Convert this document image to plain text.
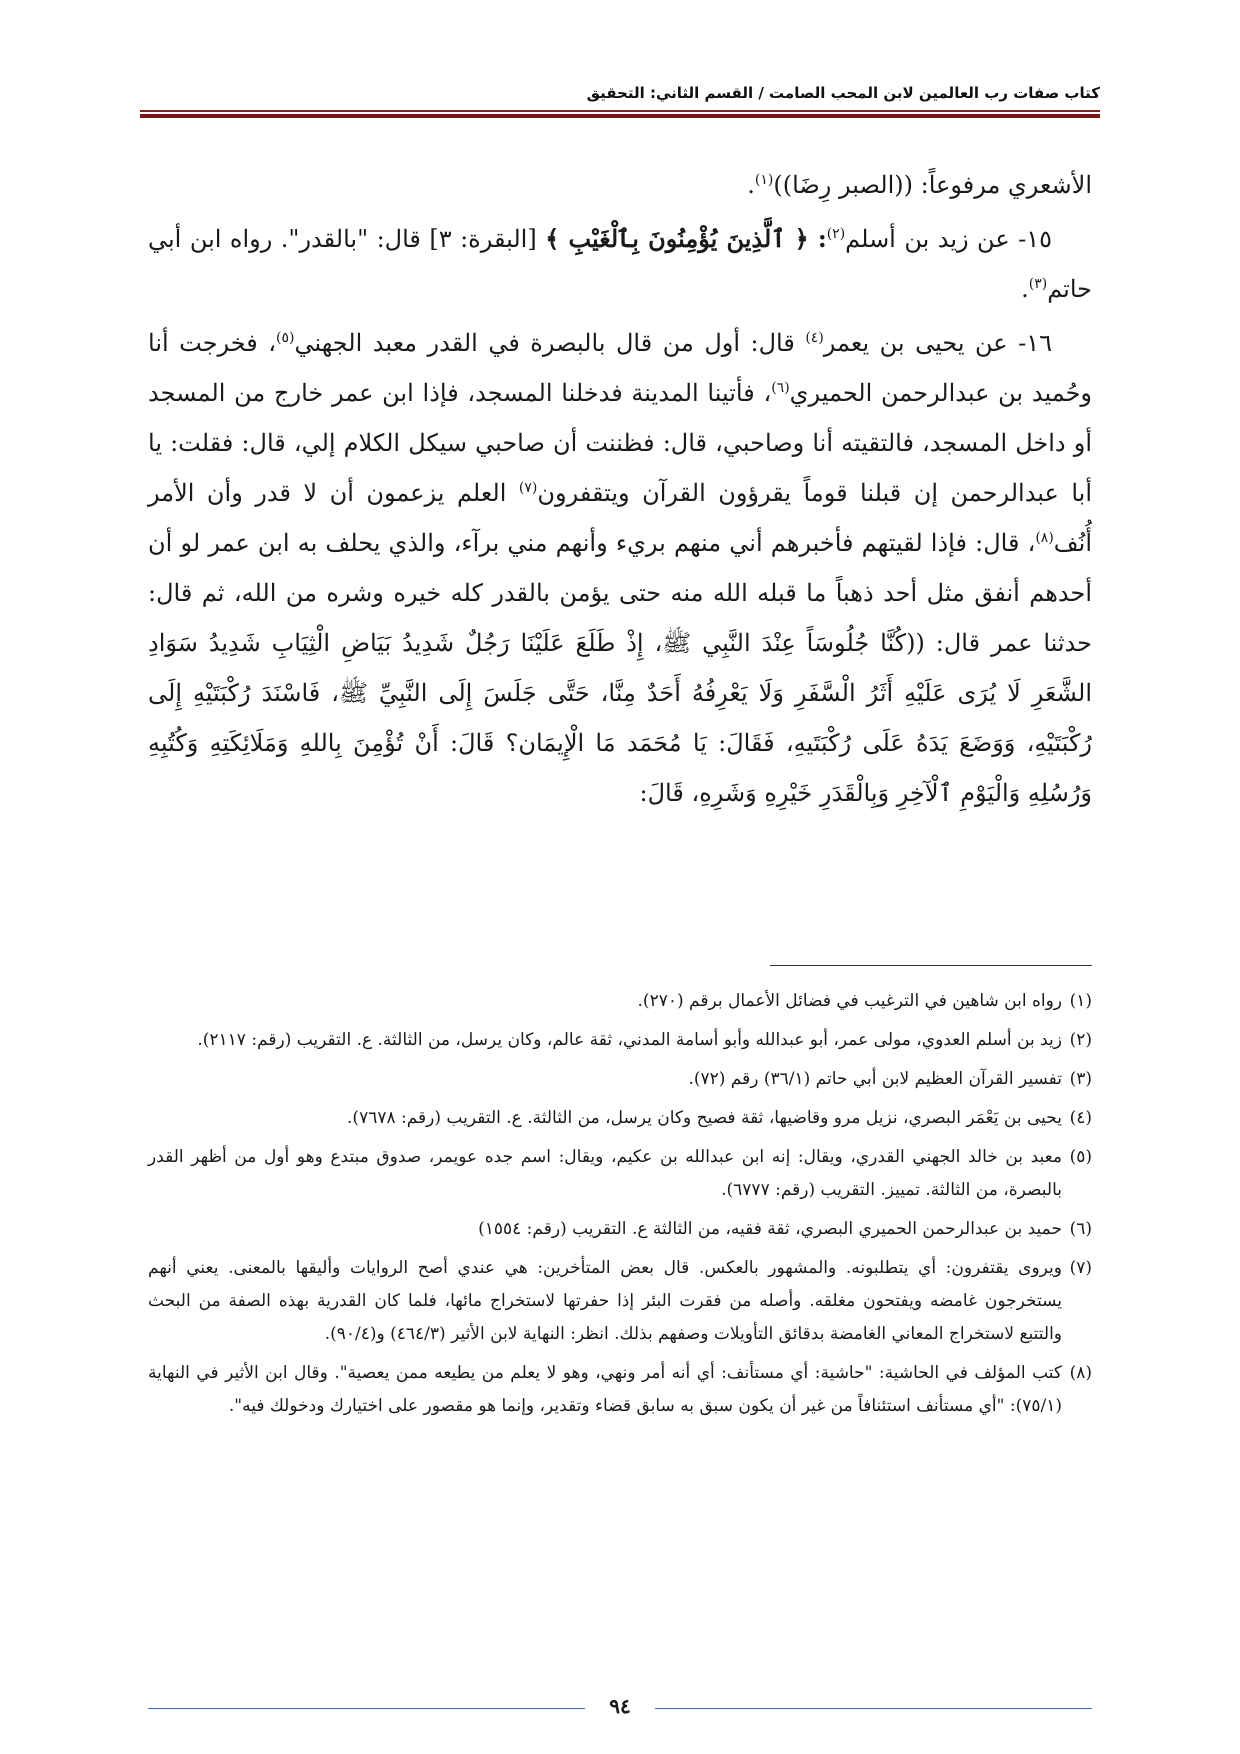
كتاب صفات رب العالمين لابن المحب الصامت / القسم الثاني: التحقيق

الأشعري مرفوعاً: ((الصبر رِضَا))$^{(١)}$.

١٥- عن زيد بن أسلم$^{(٢)}$: ﴿ ٱلَّذِينَ يُؤْمِنُونَ بِٱلْغَيْبِ ﴾ [البقرة: ٣] قال: "بالقدر". رواه ابن أبي حاتم$^{(٣)}$.

١٦- عن يحيى بن يعمر$^{(٤)}$ قال: أول من قال بالبصرة في القدر معبد الجهني$^{(٥)}$، فخرجت أنا وحُميد بن عبدالرحمن الحميري$^{(٦)}$، فأتينا المدينة فدخلنا المسجد، فإذا ابن عمر خارج من المسجد أو داخل المسجد، فالتقيته أنا وصاحبي، قال: فظننت أن صاحبي سيكل الكلام إلي، قال: فقلت: يا أبا عبدالرحمن إن قبلنا قوماً يقرؤون القرآن ويتقفرون$^{(٧)}$ العلم يزعمون أن لا قدر وأن الأمر أُنُف$^{(٨)}$، قال: فإذا لقيتهم فأخبرهم أني منهم بريء وأنهم مني برآء، والذي يحلف به ابن عمر لو أن أحدهم أنفق مثل أحد ذهباً ما قبله الله منه حتى يؤمن بالقدر كله خيره وشره من الله، ثم قال: حدثنا عمر قال: ((كُنَّا جُلُوسَاً عِنْدَ النَّبِي ﷺ، إِذْ طَلَعَ عَلَيْنَا رَجُلٌ شَدِيدُ بَيَاضِ الْثِيَابِ شَدِيدُ سَوَادِ الشَّعَرِ لَا يُرَى عَلَيْهِ أَثَرُ الْسَّفَرِ وَلَا يَعْرِفُهُ أَحَدٌ مِنَّا، حَتَّى جَلَسَ إِلَى النَّبِيِّ ﷺ، فَاسْنَدَ رُكْبَتَيْهِ إِلَى رُكْبَتَيْهِ، وَوَضَعَ يَدَهُ عَلَى رُكْبَتَيهِ، فَقَالَ: يَا مُحَمَد مَا الْإِيمَان؟ قَالَ: أَنْ تُؤْمِنَ بِاللهِ وَمَلَائِكَتِهِ وَكُتُبِهِ وَرُسُلِهِ وَالْيَوْمِ ٱلْآخِرِ وَبِالْقَدَرِ خَيْرِهِ وَشَرِهِ، قَالَ:

(١)
رواه ابن شاهين في الترغيب في فضائل الأعمال برقم (٢٧٠).
(٢)
زيد بن أسلم العدوي، مولى عمر، أبو عبدالله وأبو أسامة المدني، ثقة عالم، وكان يرسل، من الثالثة. ع. التقريب (رقم: ٢١١٧).
(٣)
تفسير القرآن العظيم لابن أبي حاتم (٣٦/١) رقم (٧٢).
(٤)
يحيى بن يَعْمَر البصري، نزيل مرو وقاضيها، ثقة فصيح وكان يرسل، من الثالثة. ع. التقريب (رقم: ٧٦٧٨).
(٥)
معبد بن خالد الجهني القدري، ويقال: إنه ابن عبدالله بن عكيم، ويقال: اسم جده عويمر، صدوق مبتدع وهو أول من أظهر القدر بالبصرة، من الثالثة. تمييز. التقريب (رقم: ٦٧٧٧).
(٦)
حميد بن عبدالرحمن الحميري البصري، ثقة فقيه، من الثالثة ع. التقريب (رقم: ١٥٥٤)
(٧)
ويروى يقتفرون: أي يتطلبونه. والمشهور بالعكس. قال بعض المتأخرين: هي عندي أصح الروايات وأليقها بالمعنى. يعني أنهم يستخرجون غامضه ويفتحون مغلقه. وأصله من فقرت البئر إذا حفرتها لاستخراج مائها، فلما كان القدرية بهذه الصفة من البحث والتتبع لاستخراج المعاني الغامضة بدقائق التأويلات وصفهم بذلك. انظر: النهاية لابن الأثير (٤٦٤/٣) و(٩٠/٤).
(٨)
كتب المؤلف في الحاشية: "حاشية: أي مستأنف: أي أنه أمر ونهي، وهو لا يعلم من يطيعه ممن يعصية". وقال ابن الأثير في النهاية (٧٥/١): "أي مستأنف استئنافاً من غير أن يكون سبق به سابق قضاء وتقدير، وإنما هو مقصور على اختيارك ودخولك فيه".
٩٤
